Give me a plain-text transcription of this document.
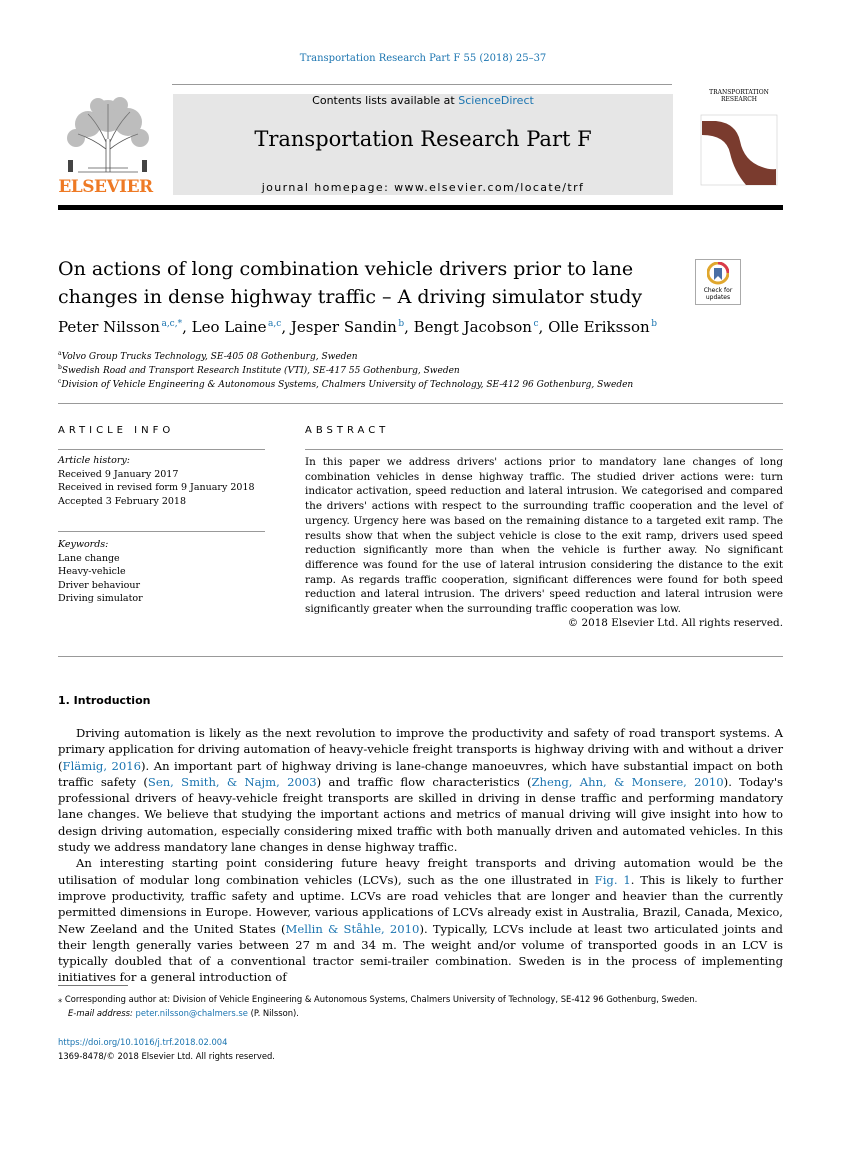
Transportation Research Part F 55 (2018) 25–37
ELSEVIER
Contents lists available at ScienceDirect
Transportation Research Part F
journal homepage: www.elsevier.com/locate/trf
TRANSPORTATION RESEARCH
On actions of long combination vehicle drivers prior to lane changes in dense highway traffic – A driving simulator study	Check for updates
Peter Nilsson  $^{a,c,*}$, Leo Laine  $^{a,c}$, Jesper Sandin  $^b$, Bengt Jacobson  $^c$, Olle Eriksson  $^b$
$^a$Volvo Group Trucks Technology, SE-405 08 Gothenburg, Sweden
$^b$Swedish Road and Transport Research Institute (VTI), SE-417 55 Gothenburg, Sweden
$^c$Division of Vehicle Engineering & Autonomous Systems, Chalmers University of Technology, SE-412 96 Gothenburg, Sweden
ARTICLE INFO
Article history:
Received 9 January 2017
Received in revised form 9 January 2018
Accepted 3 February 2018
Keywords:
Lane change
Heavy-vehicle
Driver behaviour
Driving simulator
ABSTRACT
In this paper we address drivers' actions prior to mandatory lane changes of long combination vehicles in dense highway traffic. The studied driver actions were: turn indicator activation, speed reduction and lateral intrusion. We categorised and compared the drivers' actions with respect to the surrounding traffic cooperation and the level of urgency. Urgency here was based on the remaining distance to a targeted exit ramp. The results show that when the subject vehicle is close to the exit ramp, drivers used speed reduction significantly more than when the vehicle is further away. No significant difference was found for the use of lateral intrusion considering the distance to the exit ramp. As regards traffic cooperation, significant differences were found for both speed reduction and lateral intrusion. The drivers' speed reduction and lateral intrusion were significantly greater when the surrounding traffic cooperation was low.
© 2018 Elsevier Ltd. All rights reserved.
1. Introduction

Driving automation is likely as the next revolution to improve the productivity and safety of road transport systems. A primary application for driving automation of heavy-vehicle freight transports is highway driving with and without a driver (Flämig, 2016). An important part of highway driving is lane-change manoeuvres, which have substantial impact on both traffic safety (Sen, Smith, & Najm, 2003) and traffic flow characteristics (Zheng, Ahn, & Monsere, 2010). Today's professional drivers of heavy-vehicle freight transports are skilled in driving in dense traffic and performing mandatory lane changes. We believe that studying the important actions and metrics of manual driving will give insight into how to design driving automation, especially considering mixed traffic with both manually driven and automated vehicles. In this study we address mandatory lane changes in dense highway traffic.

An interesting starting point considering future heavy freight transports and driving automation would be the utilisation of modular long combination vehicles (LCVs), such as the one illustrated in Fig. 1. This is likely to further improve productivity, traffic safety and uptime. LCVs are road vehicles that are longer and heavier than the currently permitted dimensions in Europe. However, various applications of LCVs already exist in Australia, Brazil, Canada, Mexico, New Zeeland and the United States (Mellin & Ståhle, 2010). Typically, LCVs include at least two articulated joints and their length generally varies between 27 m and 34 m. The weight and/or volume of transported goods in an LCV is typically doubled that of a conventional tractor semi-trailer combination. Sweden is in the process of implementing initiatives for a general introduction of

⁎ Corresponding author at: Division of Vehicle Engineering & Autonomous Systems, Chalmers University of Technology, SE-412 96 Gothenburg, Sweden.
E-mail address: peter.nilsson@chalmers.se (P. Nilsson).
https://doi.org/10.1016/j.trf.2018.02.004
1369-8478/© 2018 Elsevier Ltd. All rights reserved.
